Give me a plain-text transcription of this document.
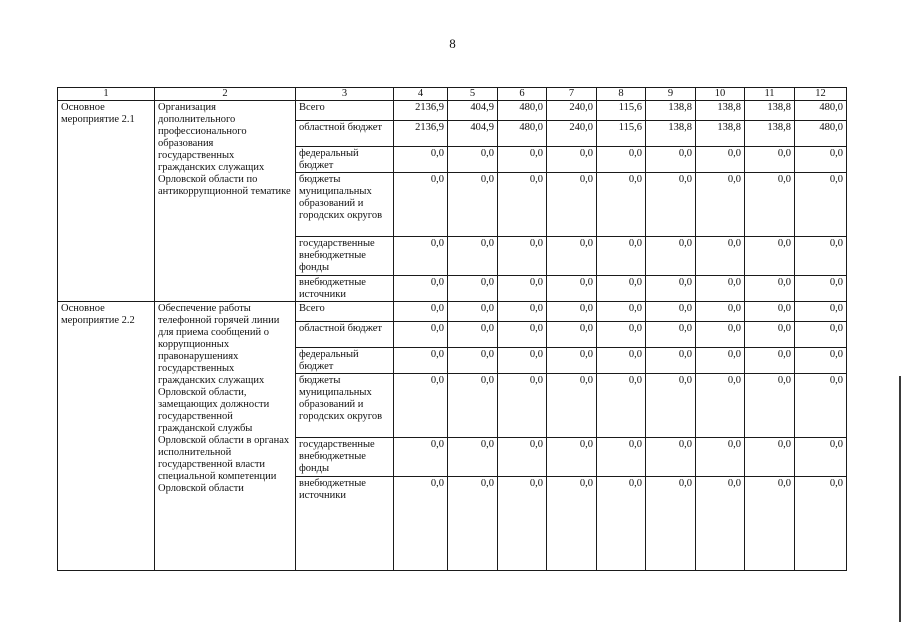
8
1	2	3	4	5	6	7	8	9	10	11	12
Основное мероприятие 2.1	Организация дополнительного профессионального образования государственных гражданских служащих Орловской области по антикоррупционной тематике	Всего	2136,9	404,9	480,0	240,0	115,6	138,8	138,8	138,8	480,0
		областной бюджет	2136,9	404,9	480,0	240,0	115,6	138,8	138,8	138,8	480,0
		федеральный бюджет	0,0	0,0	0,0	0,0	0,0	0,0	0,0	0,0	0,0
		бюджеты муниципальных образований и городских округов	0,0	0,0	0,0	0,0	0,0	0,0	0,0	0,0	0,0
		государственные внебюджетные фонды	0,0	0,0	0,0	0,0	0,0	0,0	0,0	0,0	0,0
		внебюджетные источники	0,0	0,0	0,0	0,0	0,0	0,0	0,0	0,0	0,0
Основное мероприятие 2.2	Обеспечение работы телефонной горячей линии для приема сообщений о коррупционных правонарушениях государственных гражданских служащих Орловской области, замещающих должности государственной гражданской службы Орловской области в органах исполнительной государственной власти специальной компетенции Орловской области	Всего	0,0	0,0	0,0	0,0	0,0	0,0	0,0	0,0	0,0
		областной бюджет	0,0	0,0	0,0	0,0	0,0	0,0	0,0	0,0	0,0
		федеральный бюджет	0,0	0,0	0,0	0,0	0,0	0,0	0,0	0,0	0,0
		бюджеты муниципальных образований и городских округов	0,0	0,0	0,0	0,0	0,0	0,0	0,0	0,0	0,0
		государственные внебюджетные фонды	0,0	0,0	0,0	0,0	0,0	0,0	0,0	0,0	0,0
		внебюджетные источники	0,0	0,0	0,0	0,0	0,0	0,0	0,0	0,0	0,0
